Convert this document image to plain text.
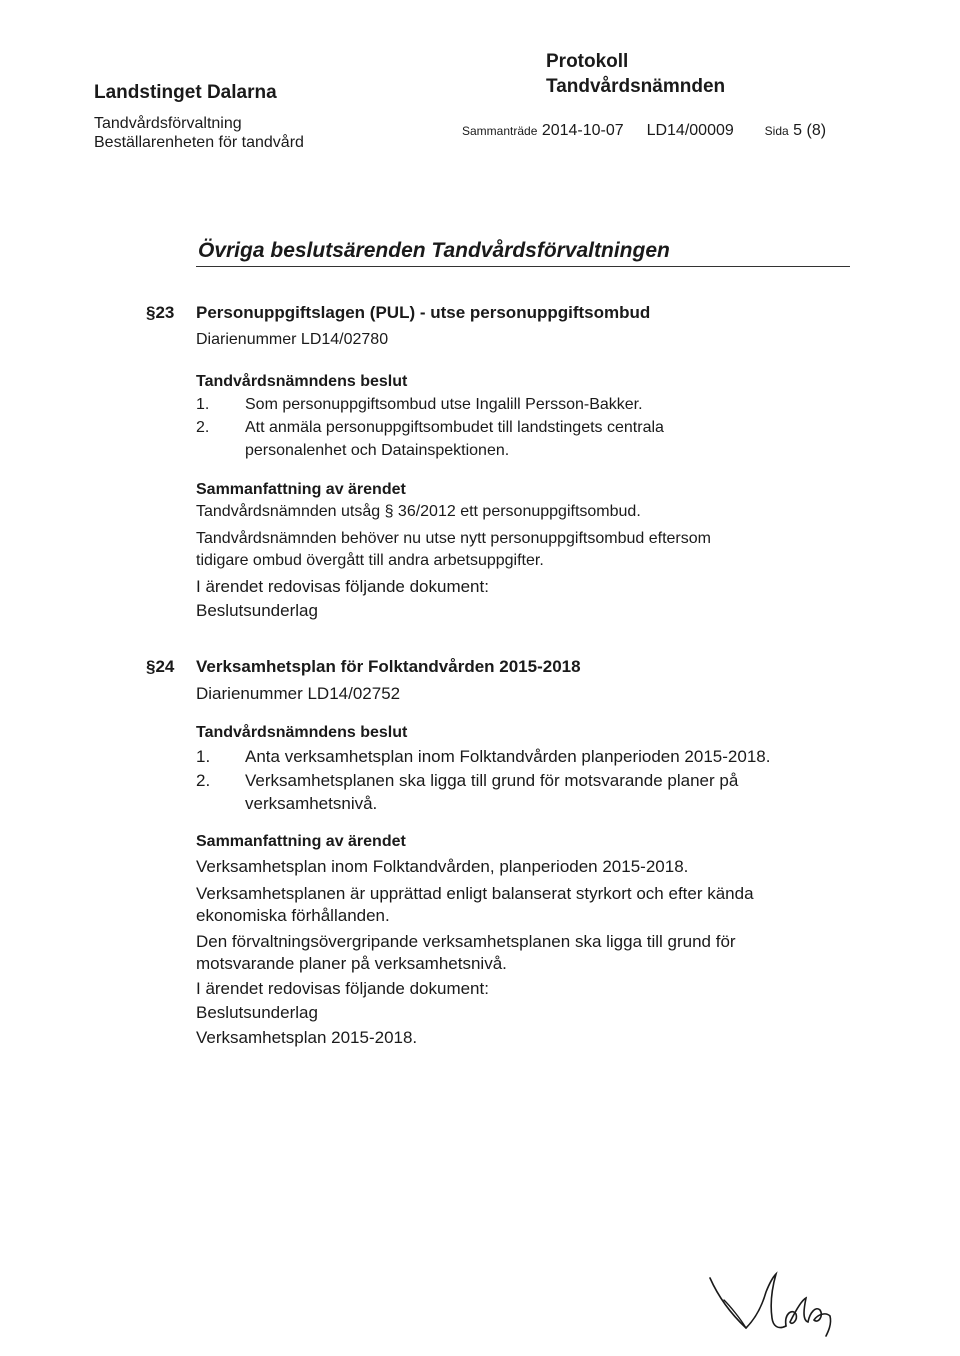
Landstinget Dalarna
Tandvårdsförvaltning
Beställarenheten för tandvård
Protokoll
Tandvårdsnämnden
Sammanträde 2014-10-07 LD14/00009	Sida 5 (8)
Övriga beslutsärenden Tandvårdsförvaltningen
§23 Personuppgiftslagen (PUL) - utse personuppgiftsombud
Diarienummer LD14/02780
Tandvårdsnämndens beslut
1. Som personuppgiftsombud utse Ingalill Persson-Bakker.
2. Att anmäla personuppgiftsombudet till landstingets centrala
personalenhet och Datainspektionen.
Sammanfattning av ärendet
Tandvårdsnämnden utsåg § 36/2012 ett personuppgiftsombud.
Tandvårdsnämnden behöver nu utse nytt personuppgiftsombud eftersom
tidigare ombud övergått till andra arbetsuppgifter.
I ärendet redovisas följande dokument:
Beslutsunderlag
§24 Verksamhetsplan för Folktandvården 2015-2018
Diarienummer LD14/02752
Tandvårdsnämndens beslut
1. Anta verksamhetsplan inom Folktandvården planperioden 2015-2018.
2. Verksamhetsplanen ska ligga till grund för motsvarande planer på
verksamhetsnivå.
Sammanfattning av ärendet
Verksamhetsplan inom Folktandvården, planperioden 2015-2018.
Verksamhetsplanen är upprättad enligt balanserat styrkort och efter kända
ekonomiska förhållanden.
Den förvaltningsövergripande verksamhetsplanen ska ligga till grund för
motsvarande planer på verksamhetsnivå.
I ärendet redovisas följande dokument:
Beslutsunderlag
Verksamhetsplan 2015-2018.
